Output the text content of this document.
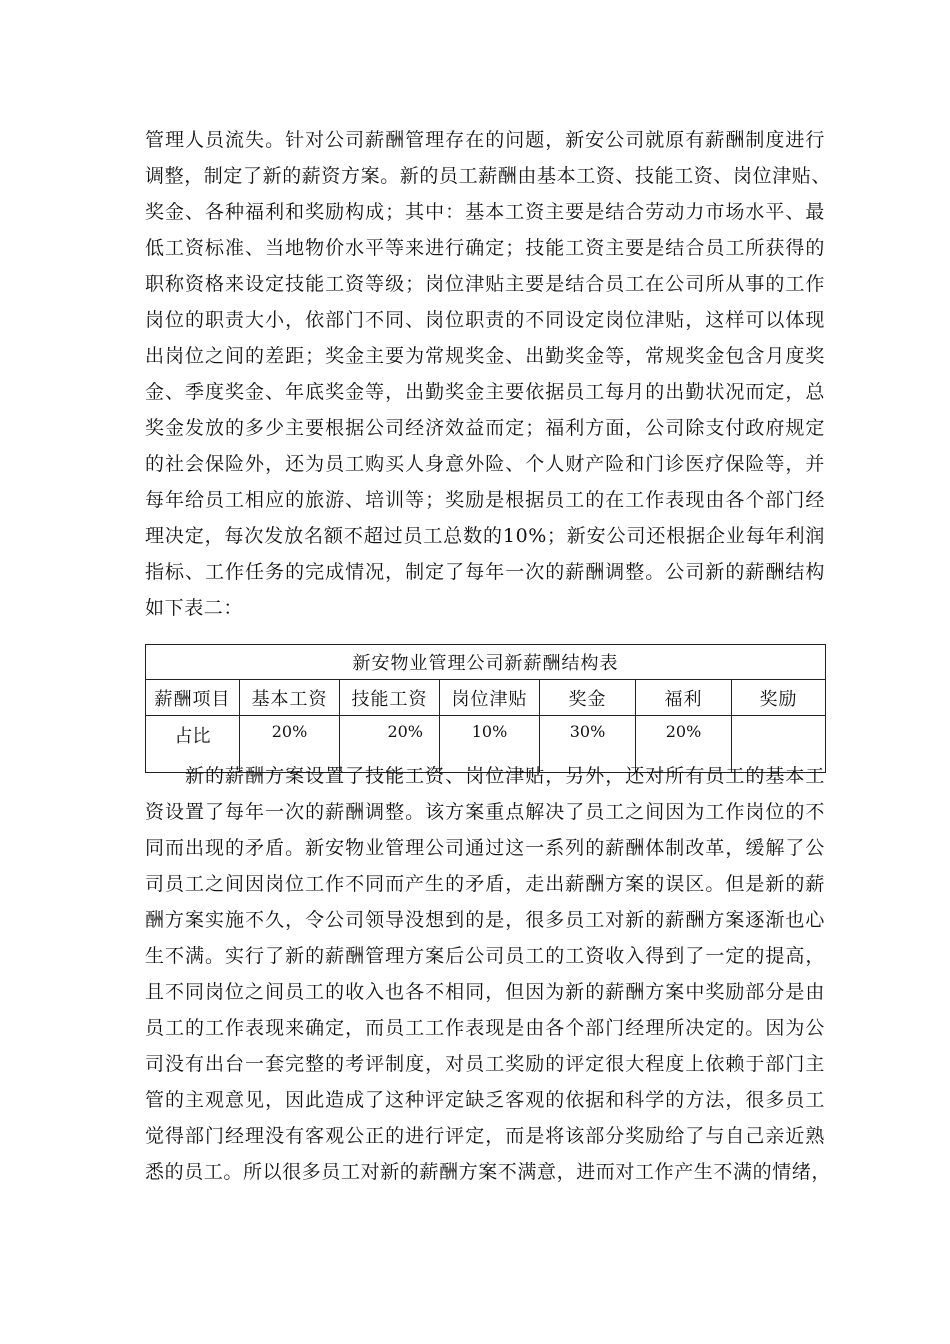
管理人员流失。针对公司薪酬管理存在的问题，新安公司就原有薪酬制度进行
调整，制定了新的薪资方案。新的员工薪酬由基本工资、技能工资、岗位津贴、
奖金、各种福利和奖励构成；其中：基本工资主要是结合劳动力市场水平、最
低工资标准、当地物价水平等来进行确定；技能工资主要是结合员工所获得的
职称资格来设定技能工资等级；岗位津贴主要是结合员工在公司所从事的工作
岗位的职责大小，依部门不同、岗位职责的不同设定岗位津贴，这样可以体现
出岗位之间的差距；奖金主要为常规奖金、出勤奖金等，常规奖金包含月度奖
金、季度奖金、年底奖金等，出勤奖金主要依据员工每月的出勤状况而定，总
奖金发放的多少主要根据公司经济效益而定；福利方面，公司除支付政府规定
的社会保险外，还为员工购买人身意外险、个人财产险和门诊医疗保险等，并
每年给员工相应的旅游、培训等；奖励是根据员工的在工作表现由各个部门经
理决定，每次发放名额不超过员工总数的10%；新安公司还根据企业每年利润
指标、工作任务的完成情况，制定了每年一次的薪酬调整。公司新的薪酬结构
如下表二：
新安物业管理公司新薪酬结构表						
薪酬项目	基本工资	技能工资	岗位津贴	奖金	福利	奖励
占比	20%	20%	10%	30%	20%	
　　新的薪酬方案设置了技能工资、岗位津贴，另外，还对所有员工的基本工
资设置了每年一次的薪酬调整。该方案重点解决了员工之间因为工作岗位的不
同而出现的矛盾。新安物业管理公司通过这一系列的薪酬体制改革，缓解了公
司员工之间因岗位工作不同而产生的矛盾，走出薪酬方案的误区。但是新的薪
酬方案实施不久，令公司领导没想到的是，很多员工对新的薪酬方案逐渐也心
生不满。实行了新的薪酬管理方案后公司员工的工资收入得到了一定的提高，
且不同岗位之间员工的收入也各不相同，但因为新的薪酬方案中奖励部分是由
员工的工作表现来确定，而员工工作表现是由各个部门经理所决定的。因为公
司没有出台一套完整的考评制度，对员工奖励的评定很大程度上依赖于部门主
管的主观意见，因此造成了这种评定缺乏客观的依据和科学的方法，很多员工
觉得部门经理没有客观公正的进行评定，而是将该部分奖励给了与自己亲近熟
悉的员工。所以很多员工对新的薪酬方案不满意，进而对工作产生不满的情绪，
